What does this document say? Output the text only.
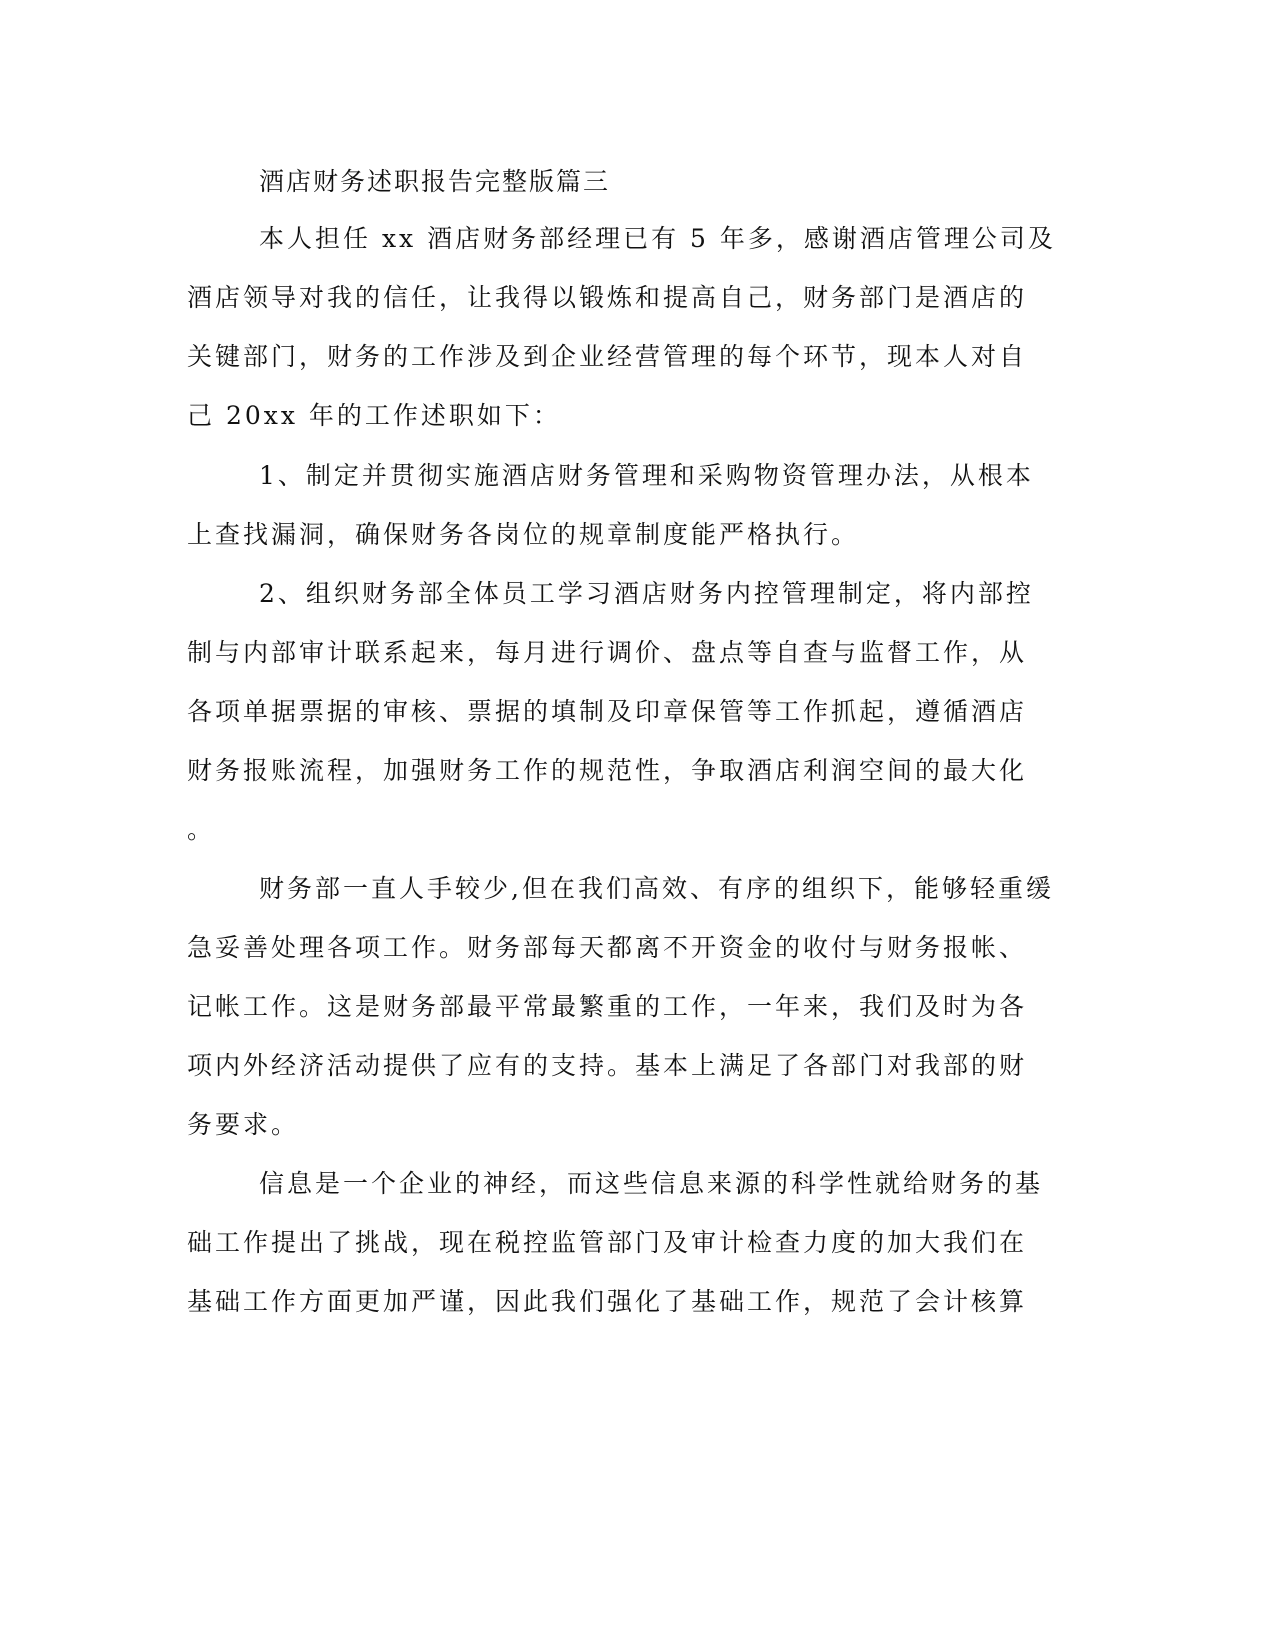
酒店财务述职报告完整版篇三

本人担任 xx 酒店财务部经理已有 5 年多，感谢酒店管理公司及

酒店领导对我的信任，让我得以锻炼和提高自己，财务部门是酒店的

关键部门，财务的工作涉及到企业经营管理的每个环节，现本人对自

己 20xx 年的工作述职如下：

1、制定并贯彻实施酒店财务管理和采购物资管理办法，从根本

上查找漏洞，确保财务各岗位的规章制度能严格执行。

2、组织财务部全体员工学习酒店财务内控管理制定，将内部控

制与内部审计联系起来，每月进行调价、盘点等自查与监督工作，从

各项单据票据的审核、票据的填制及印章保管等工作抓起，遵循酒店

财务报账流程，加强财务工作的规范性，争取酒店利润空间的最大化

。

财务部一直人手较少,但在我们高效、有序的组织下，能够轻重缓

急妥善处理各项工作。财务部每天都离不开资金的收付与财务报帐、

记帐工作。这是财务部最平常最繁重的工作，一年来，我们及时为各

项内外经济活动提供了应有的支持。基本上满足了各部门对我部的财

务要求。

信息是一个企业的神经，而这些信息来源的科学性就给财务的基

础工作提出了挑战，现在税控监管部门及审计检查力度的加大我们在

基础工作方面更加严谨，因此我们强化了基础工作，规范了会计核算
